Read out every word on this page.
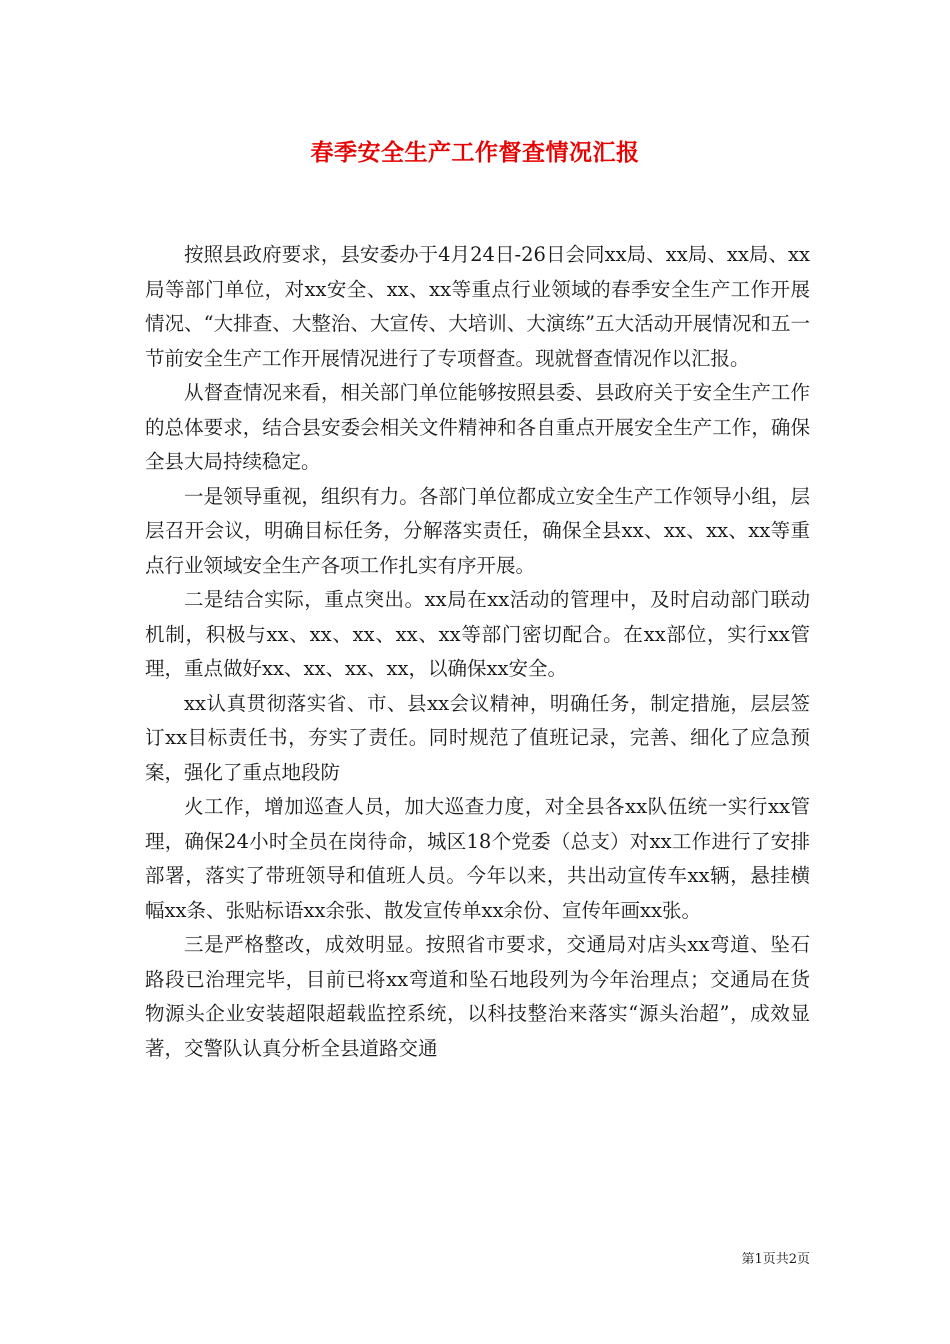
春季安全生产工作督查情况汇报

按照县政府要求，县安委办于4月24日-26日会同xx局、xx局、xx局、xx局等部门单位，对xx安全、xx、xx等重点行业领域的春季安全生产工作开展情况、“大排查、大整治、大宣传、大培训、大演练”五大活动开展情况和五一节前安全生产工作开展情况进行了专项督查。现就督查情况作以汇报。

从督查情况来看，相关部门单位能够按照县委、县政府关于安全生产工作的总体要求，结合县安委会相关文件精神和各自重点开展安全生产工作，确保全县大局持续稳定。

一是领导重视，组织有力。各部门单位都成立安全生产工作领导小组，层层召开会议，明确目标任务，分解落实责任，确保全县xx、xx、xx、xx等重点行业领域安全生产各项工作扎实有序开展。

二是结合实际，重点突出。xx局在xx活动的管理中，及时启动部门联动机制，积极与xx、xx、xx、xx、xx等部门密切配合。在xx部位，实行xx管理，重点做好xx、xx、xx、xx，以确保xx安全。

xx认真贯彻落实省、市、县xx会议精神，明确任务，制定措施，层层签订xx目标责任书，夯实了责任。同时规范了值班记录，完善、细化了应急预案，强化了重点地段防

火工作，增加巡查人员，加大巡查力度，对全县各xx队伍统一实行xx管理，确保24小时全员在岗待命，城区18个党委（总支）对xx工作进行了安排部署，落实了带班领导和值班人员。今年以来，共出动宣传车xx辆，悬挂横幅xx条、张贴标语xx余张、散发宣传单xx余份、宣传年画xx张。

三是严格整改，成效明显。按照省市要求，交通局对店头xx弯道、坠石路段已治理完毕，目前已将xx弯道和坠石地段列为今年治理点；交通局在货物源头企业安装超限超载监控系统，以科技整治来落实“源头治超”，成效显著，交警队认真分析全县道路交通

第1页共2页
